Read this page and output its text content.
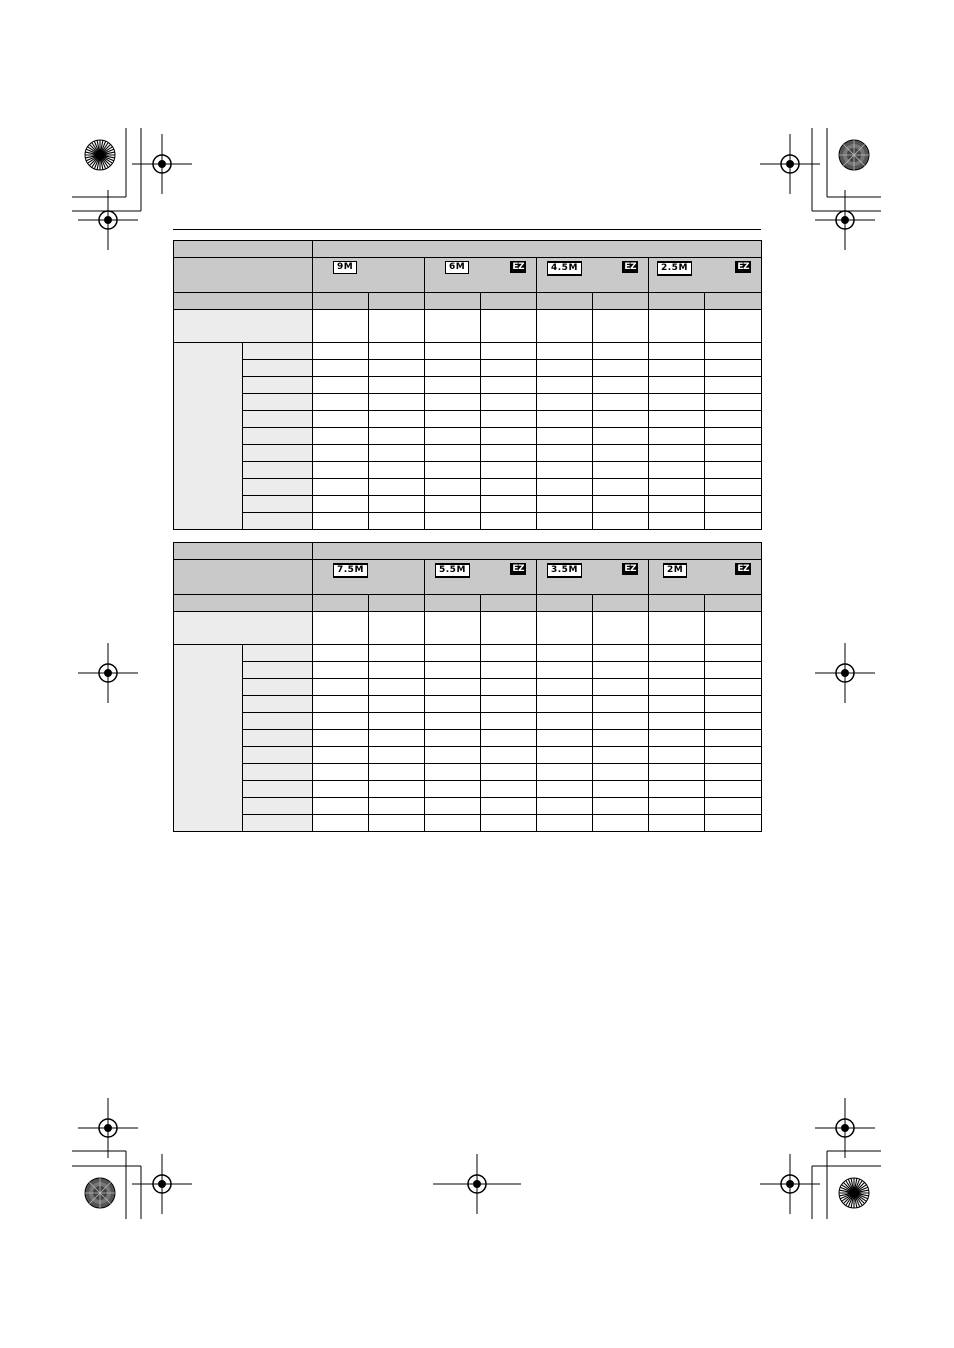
		9M		6M EZ		4.5M EZ		2.5M EZ	

		7.5M		5.5M EZ		3.5M EZ		2M EZ	
